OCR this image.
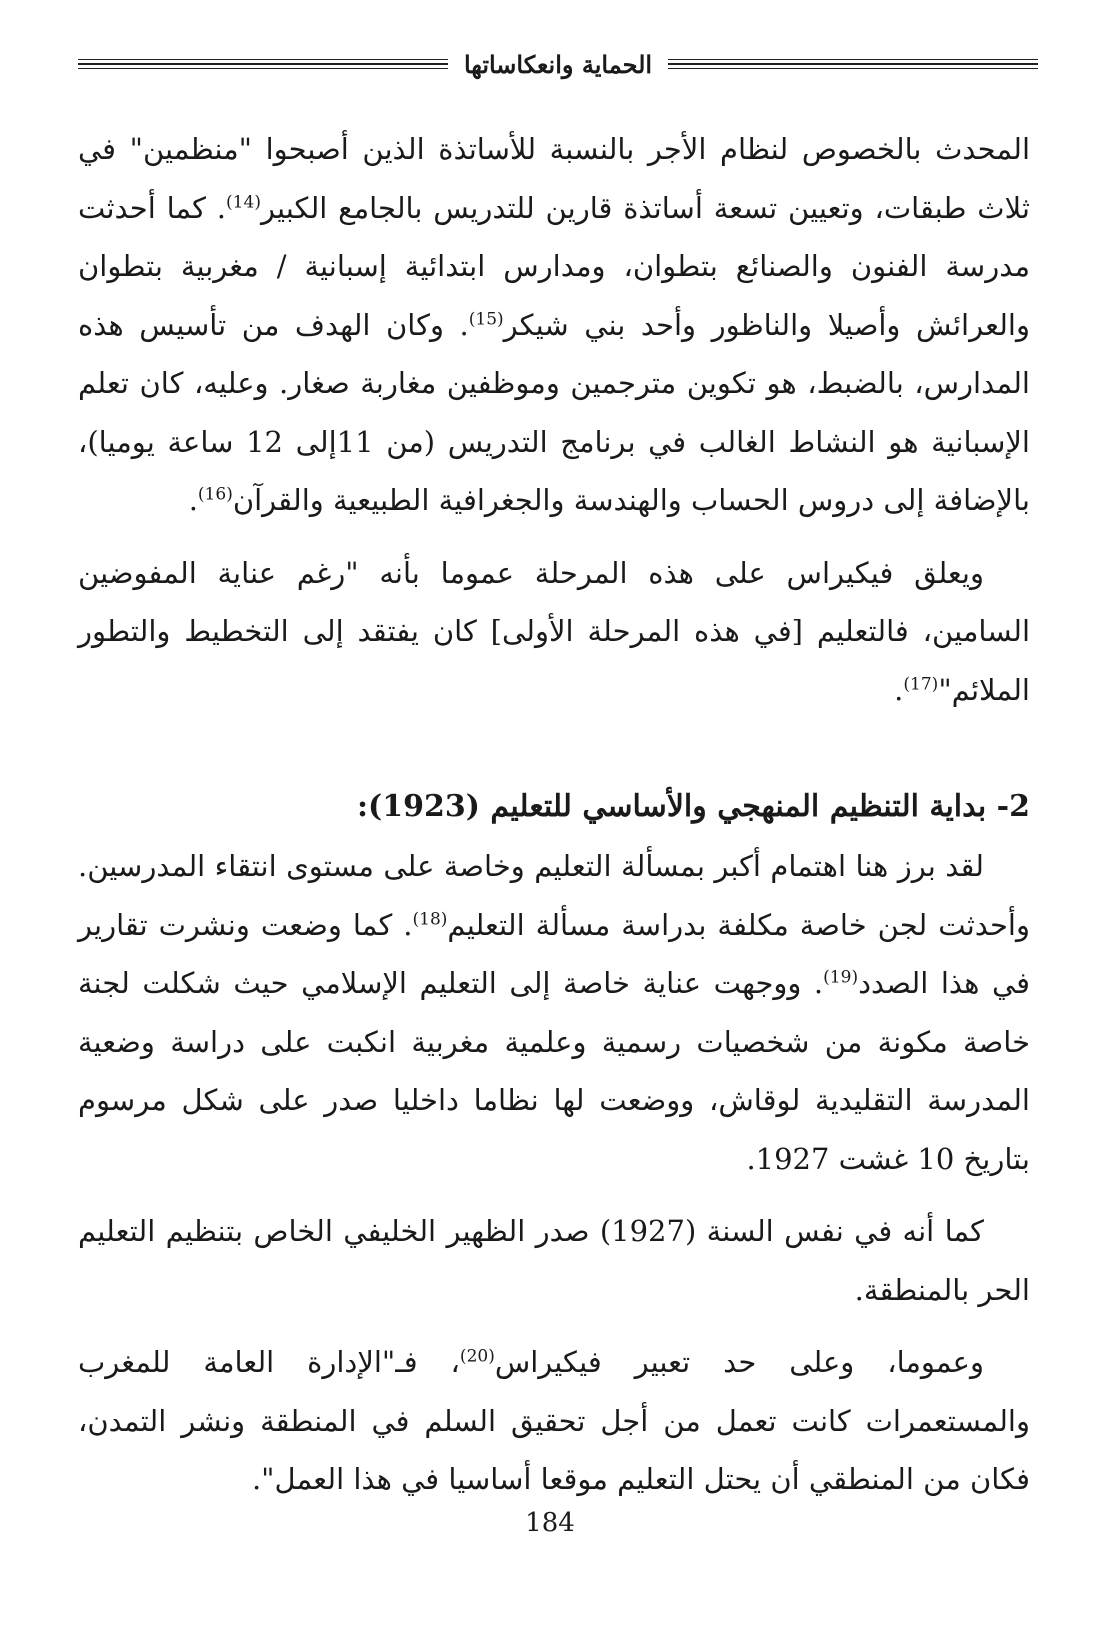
الحماية وانعكاساتها

المحدث بالخصوص لنظام الأجر بالنسبة للأساتذة الذين أصبحوا "منظمين" في ثلاث طبقات، وتعيين تسعة أساتذة قارين للتدريس بالجامع الكبير$^{(14)}$. كما أحدثت مدرسة الفنون والصنائع بتطوان، ومدارس ابتدائية إسبانية / مغربية بتطوان والعرائش وأصيلا والناظور وأحد بني شيكر$^{(15)}$. وكان الهدف من تأسيس هذه المدارس، بالضبط، هو تكوين مترجمين وموظفين مغاربة صغار. وعليه، كان تعلم الإسبانية هو النشاط الغالب في برنامج التدريس (من 11إلى 12 ساعة يوميا)، بالإضافة إلى دروس الحساب والهندسة والجغرافية الطبيعية والقرآن$^{(16)}$.

ويعلق فيكيراس على هذه المرحلة عموما بأنه "رغم عناية المفوضين السامين، فالتعليم [في هذه المرحلة الأولى] كان يفتقد إلى التخطيط والتطور الملائم"$^{(17)}$.

2- بداية التنظيم المنهجي والأساسي للتعليم (1923):

لقد برز هنا اهتمام أكبر بمسألة التعليم وخاصة على مستوى انتقاء المدرسين. وأحدثت لجن خاصة مكلفة بدراسة مسألة التعليم$^{(18)}$. كما وضعت ونشرت تقارير في هذا الصدد$^{(19)}$. ووجهت عناية خاصة إلى التعليم الإسلامي حيث شكلت لجنة خاصة مكونة من شخصيات رسمية وعلمية مغربية انكبت على دراسة وضعية المدرسة التقليدية لوقاش، ووضعت لها نظاما داخليا صدر على شكل مرسوم بتاريخ 10 غشت 1927.

كما أنه في نفس السنة (1927) صدر الظهير الخليفي الخاص بتنظيم التعليم الحر بالمنطقة.

وعموما، وعلى حد تعبير فيكيراس$^{(20)}$، فـ"الإدارة العامة للمغرب والمستعمرات كانت تعمل من أجل تحقيق السلم في المنطقة ونشر التمدن، فكان من المنطقي أن يحتل التعليم موقعا أساسيا في هذا العمل".

184
